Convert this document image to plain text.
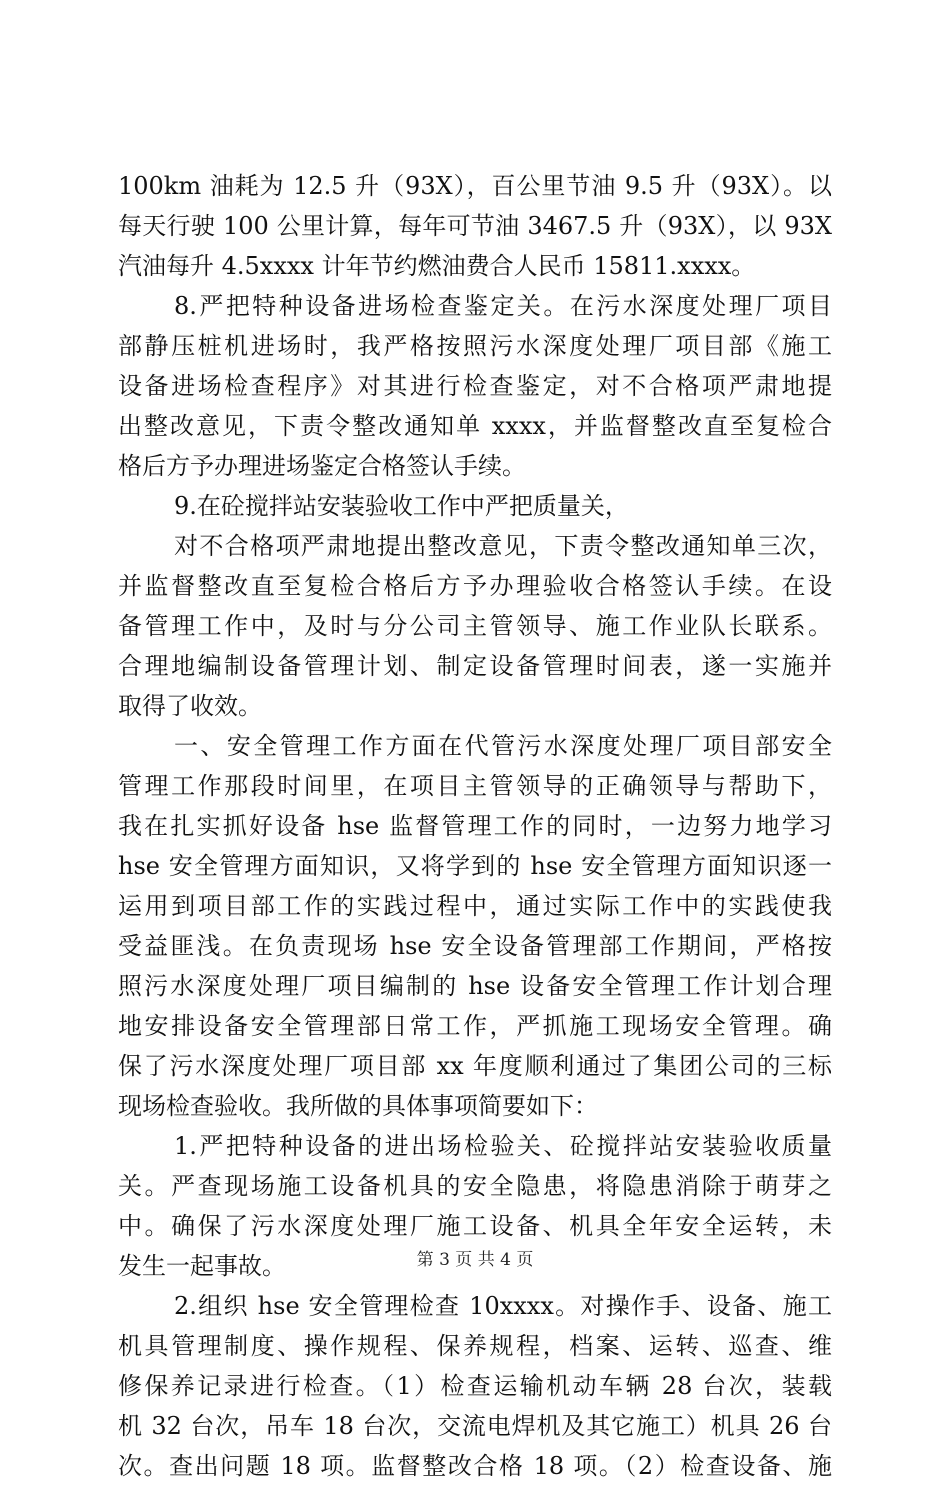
100km 油耗为 12.5 升（93X），百公里节油 9.5 升（93X）。以
每天行驶 100 公里计算，每年可节油 3467.5 升（93X），以 93X
汽油每升 4.5xxxx 计年节约燃油费合人民币 15811.xxxx。
8.严把特种设备进场检查鉴定关。在污水深度处理厂项目
部静压桩机进场时，我严格按照污水深度处理厂项目部《施工
设备进场检查程序》对其进行检查鉴定，对不合格项严肃地提
出整改意见，下责令整改通知单 xxxx，并监督整改直至复检合
格后方予办理进场鉴定合格签认手续。
9.在砼搅拌站安装验收工作中严把质量关，
对不合格项严肃地提出整改意见，下责令整改通知单三次，
并监督整改直至复检合格后方予办理验收合格签认手续。在设
备管理工作中，及时与分公司主管领导、施工作业队长联系。
合理地编制设备管理计划、制定设备管理时间表，遂一实施并
取得了收效。
一、安全管理工作方面在代管污水深度处理厂项目部安全
管理工作那段时间里，在项目主管领导的正确领导与帮助下，
我在扎实抓好设备 hse 监督管理工作的同时，一边努力地学习
hse 安全管理方面知识，又将学到的 hse 安全管理方面知识逐一
运用到项目部工作的实践过程中，通过实际工作中的实践使我
受益匪浅。在负责现场 hse 安全设备管理部工作期间，严格按
照污水深度处理厂项目编制的 hse 设备安全管理工作计划合理
地安排设备安全管理部日常工作，严抓施工现场安全管理。确
保了污水深度处理厂项目部 xx 年度顺利通过了集团公司的三标
现场检查验收。我所做的具体事项简要如下：
1.严把特种设备的进出场检验关、砼搅拌站安装验收质量
关。严查现场施工设备机具的安全隐患，将隐患消除于萌芽之
中。确保了污水深度处理厂施工设备、机具全年安全运转，未
发生一起事故。
2.组织 hse 安全管理检查 10xxxx。对操作手、设备、施工
机具管理制度、操作规程、保养规程，档案、运转、巡查、维
修保养记录进行检查。（1）检查运输机动车辆 28 台次，装载
机 32 台次，吊车 18 台次，交流电焊机及其它施工）机具 26 台
次。查出问题 18 项。监督整改合格 18 项。（2）检查设备、施
第 3 页 共 4 页
